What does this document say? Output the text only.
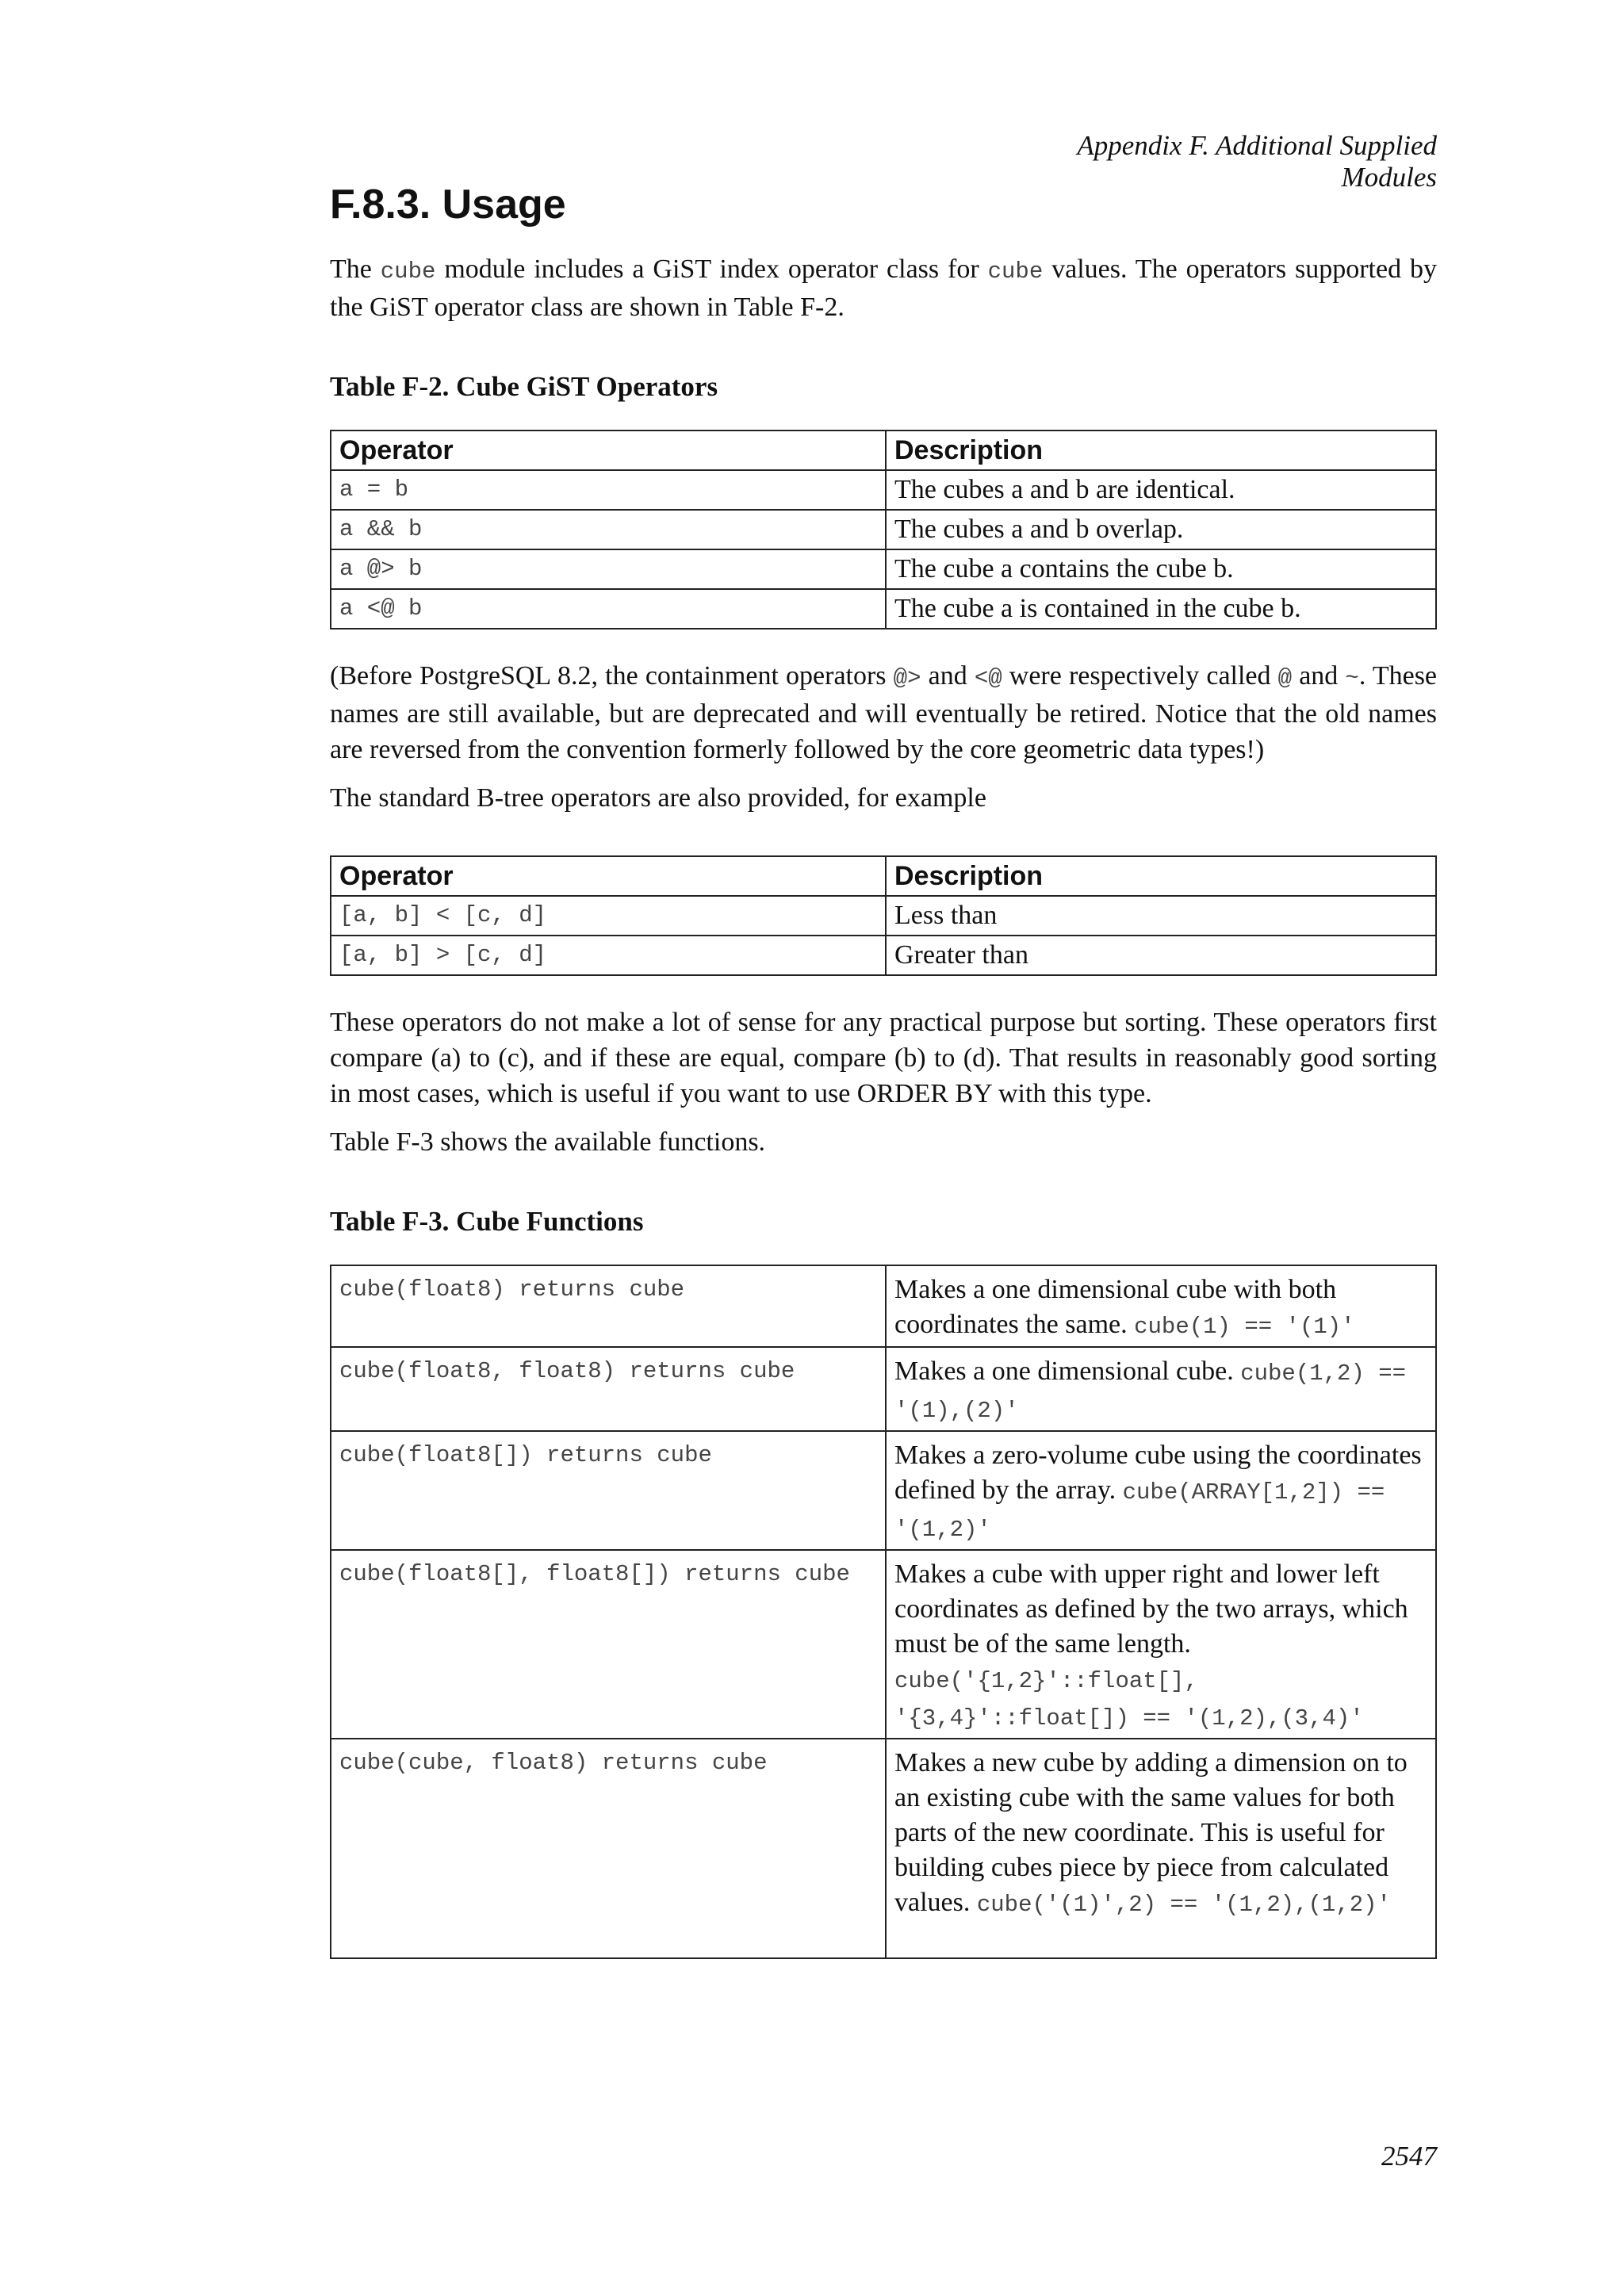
Appendix F. Additional Supplied Modules
F.8.3. Usage

The cube module includes a GiST index operator class for cube values. The operators supported by the GiST operator class are shown in Table F-2.

Table F-2. Cube GiST Operators
Operator	Description
a = b	The cubes a and b are identical.
a && b	The cubes a and b overlap.
a @> b	The cube a contains the cube b.
a <@ b	The cube a is contained in the cube b.

(Before PostgreSQL 8.2, the containment operators @> and <@ were respectively called @ and ~. These names are still available, but are deprecated and will eventually be retired. Notice that the old names are reversed from the convention formerly followed by the core geometric data types!)

The standard B-tree operators are also provided, for example

Operator	Description
[a, b] < [c, d]	Less than
[a, b] > [c, d]	Greater than

These operators do not make a lot of sense for any practical purpose but sorting. These operators first compare (a) to (c), and if these are equal, compare (b) to (d). That results in reasonably good sorting in most cases, which is useful if you want to use ORDER BY with this type.

Table F-3 shows the available functions.

Table F-3. Cube Functions
cube(float8) returns cube	Makes a one dimensional cube with both coordinates the same. cube(1) == '(1)'
cube(float8, float8) returns cube	Makes a one dimensional cube. cube(1,2) == '(1),(2)'
cube(float8[]) returns cube	Makes a zero-volume cube using the coordinates defined by the array. cube(ARRAY[1,2]) == '(1,2)'
cube(float8[], float8[]) returns cube	Makes a cube with upper right and lower left coordinates as defined by the two arrays, which must be of the same length. cube('{1,2}'::float[], '{3,4}'::float[]) == '(1,2),(3,4)'
cube(cube, float8) returns cube	Makes a new cube by adding a dimension on to an existing cube with the same values for both parts of the new coordinate. This is useful for building cubes piece by piece from calculated values. cube('(1)',2) == '(1,2),(1,2)'
2547
